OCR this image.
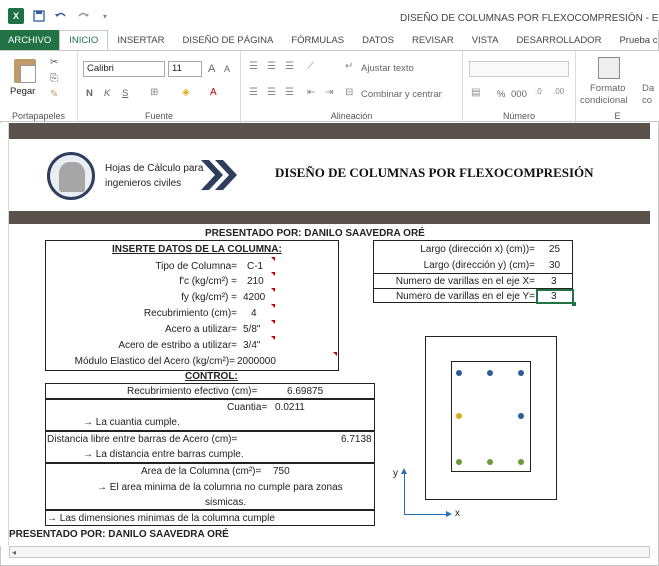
X	▾	DISEÑO DE COLUMNAS POR FLEXOCOMPRESIÓN - E
ARCHIVO	INICIO	INSERTAR	DISEÑO DE PÁGINA	FÓRMULAS	DATOS	REVISAR	VISTA	DESARROLLADOR	Prueba c
Pegar
✂
⎘
✎
Portapapeles
Calibri	11	A A
N K S ⊞ ◈ A
Fuente
☰ ☰ ☰ ⟋	↵ Ajustar texto
☰ ☰ ☰ ⇤ ⇥ ⊟ Combinar y centrar
Alineación
▤ % 000 .0 .00
Número
Formato
condicional
Da
co
E
Hojas de Cálculo para
ingenieros civiles
DISEÑO DE COLUMNAS POR FLEXOCOMPRESIÓN
PRESENTADO POR: DANILO SAAVEDRA ORÉ
INSERTE DATOS DE LA COLUMNA:
Tipo de Columna= C-1
f'c (kg/cm²) = 210
fy (kg/cm²) = 4200
Recubrimiento (cm)= 4
Acero a utilizar= 5/8"
Acero de estribo a utilizar= 3/4"
Módulo Elastico del Acero (kg/cm²)= 2000000
Largo (dirección x) (cm))= 25
Largo (dirección y) (cm)= 30
Numero de varillas en el eje X= 3
Numero de varillas en el eje Y= 3
CONTROL:
Recubrimiento efectivo (cm)=	6.69875
Cuantia= 0.0211
→ La cuantia cumple.
Distancia libre entre barras de Acero (cm)=	6.7138
→ La distancia entre barras cumple.
Area de la Columna (cm²)= 750
→ El area minima de la columna no cumple para zonas
sismicas.
→ Las dimensiones minimas de la columna cumple
PRESENTADO POR: DANILO SAAVEDRA ORÉ
y
x
◂
